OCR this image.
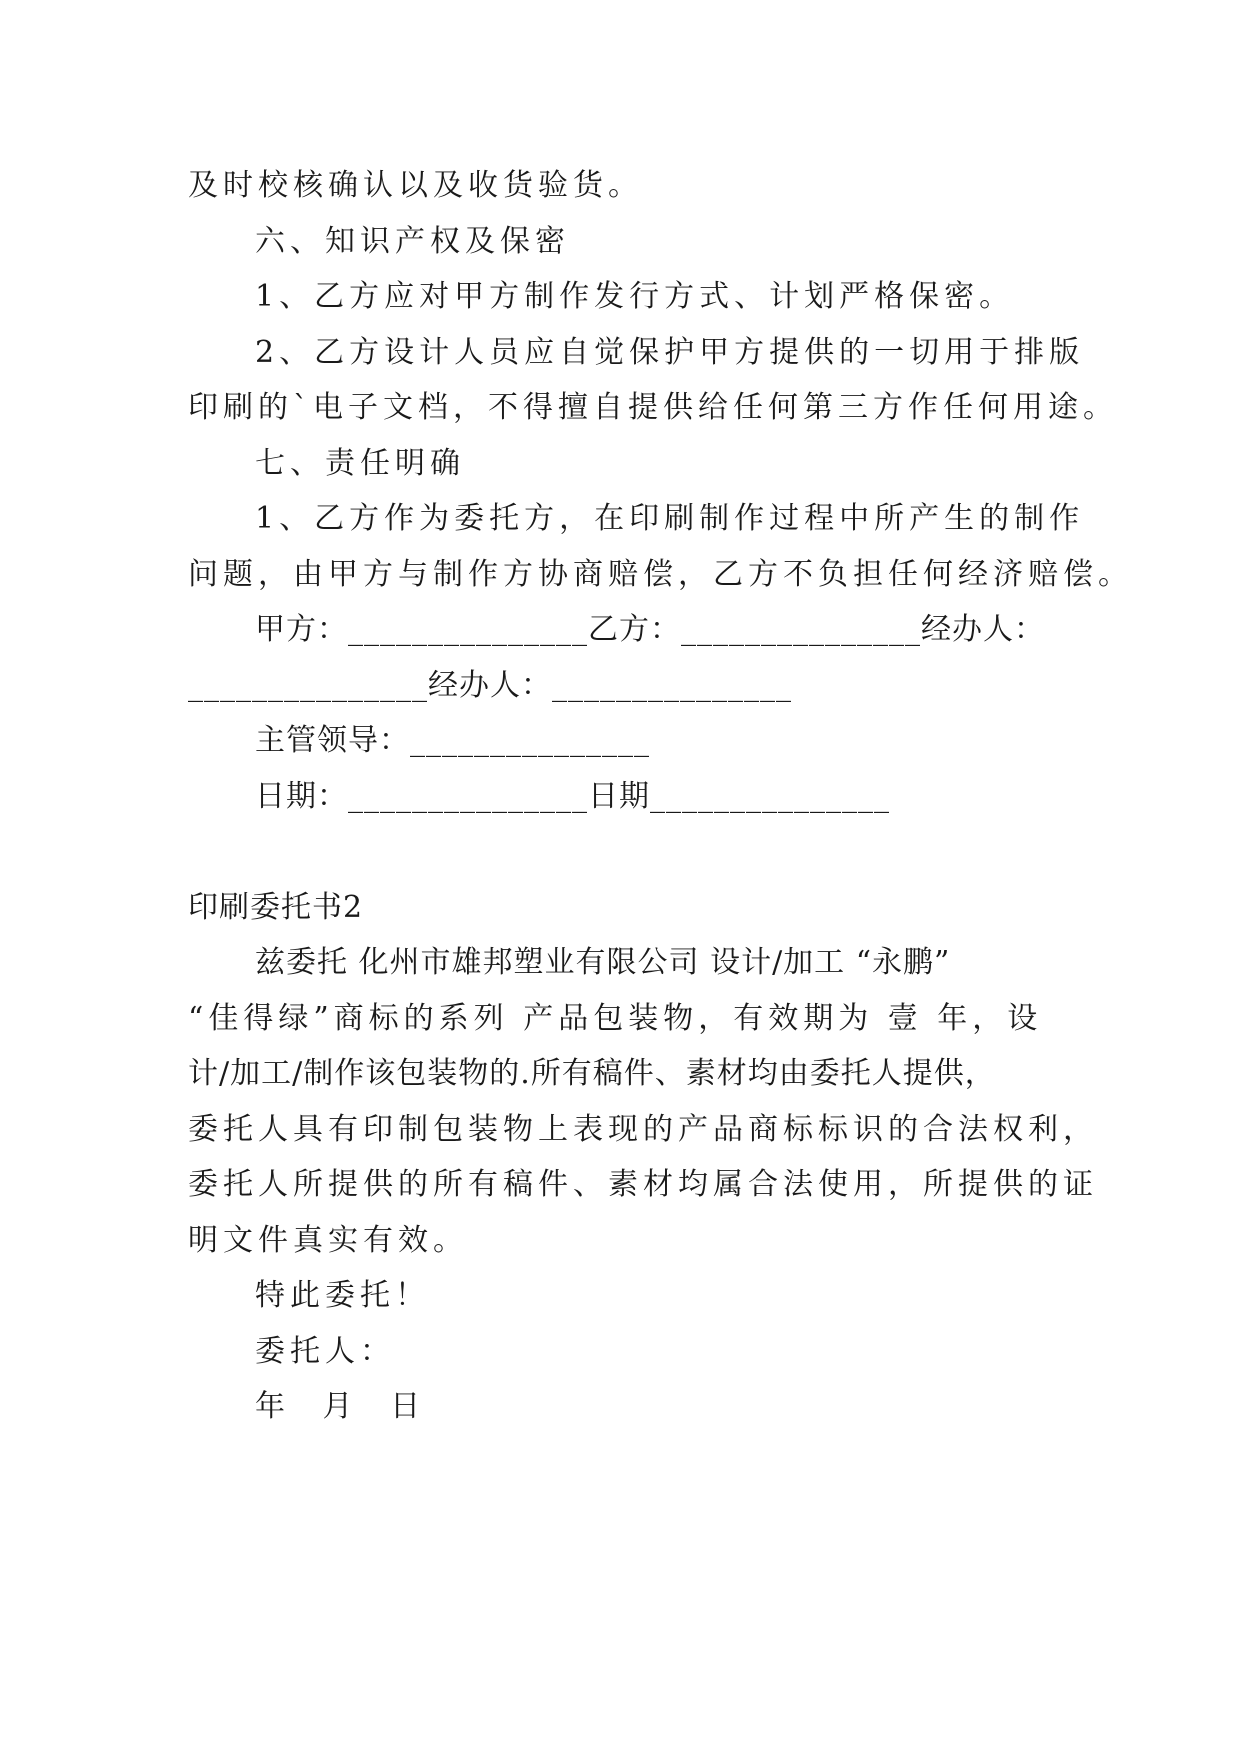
及时校核确认以及收货验货。
六、知识产权及保密
1、乙方应对甲方制作发行方式、计划严格保密。
2、乙方设计人员应自觉保护甲方提供的一切用于排版
印刷的`电子文档，不得擅自提供给任何第三方作任何用途。
七、责任明确
1、乙方作为委托方，在印刷制作过程中所产生的制作
问题，由甲方与制作方协商赔偿，乙方不负担任何经济赔偿。
甲方：_______________乙方：_______________经办人：
_______________经办人：_______________
主管领导：_______________
日期：_______________日期_______________
印刷委托书2
兹委托 化州市雄邦塑业有限公司 设计/加工 “永鹏”
“佳得绿”商标的系列 产品包装物，有效期为 壹 年，设
计/加工/制作该包装物的.所有稿件、素材均由委托人提供，
委托人具有印制包装物上表现的产品商标标识的合法权利，
委托人所提供的所有稿件、素材均属合法使用，所提供的证
明文件真实有效。
特此委托！
委托人：
年 月 日
